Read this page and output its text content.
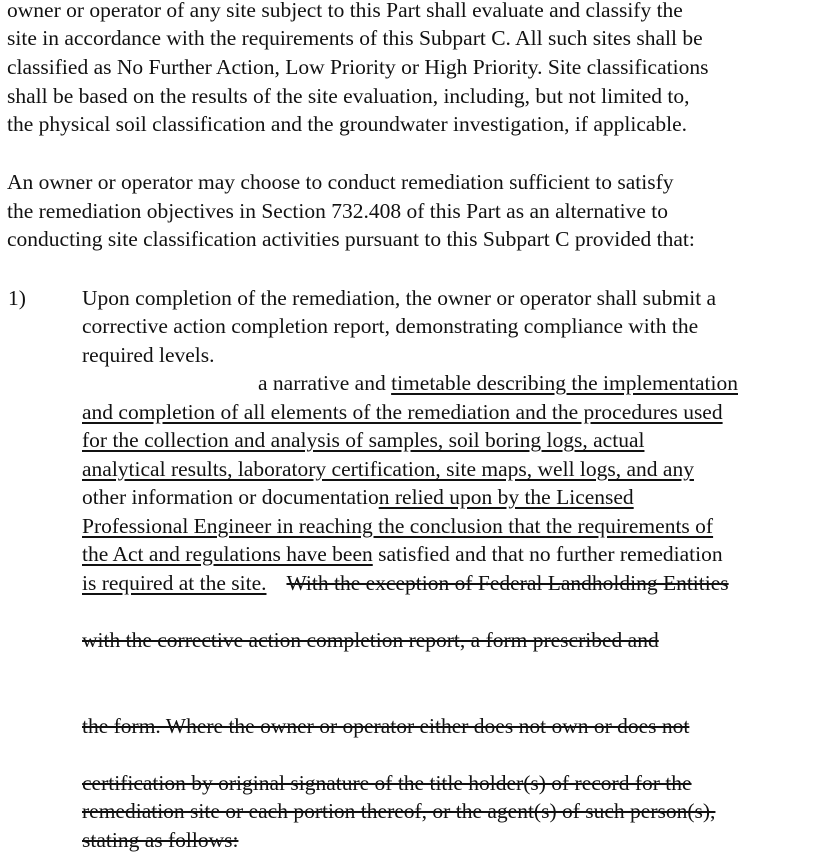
owner or operator of any site subject to this Part shall evaluate and classify the
site in accordance with the requirements of this Subpart C. All such sites shall be
classified as No Further Action, Low Priority or High Priority. Site classifications
shall be based on the results of the site evaluation, including, but not limited to,
the physical soil classification and the groundwater investigation, if applicable.
An owner or operator may choose to conduct remediation sufficient to satisfy
the remediation objectives in Section 732.408 of this Part as an alternative to
conducting site classification activities pursuant to this Subpart C provided that:
1)	Upon completion of the remediation, the owner or operator shall submit a
corrective action completion report, demonstrating compliance with the
required levels.
a narrative and timetable describing the implementation
and completion of all elements of the remediation and the procedures used
for the collection and analysis of samples, soil boring logs, actual
analytical results, laboratory certification, site maps, well logs, and any
other information or documentation relied upon by the Licensed
Professional Engineer in reaching the conclusion that the requirements of
the Act and regulations have been satisfied and that no further remediation
is required at the site. With the exception of Federal Landholding Entities
with the corrective action completion report, a form prescribed and
the form. Where the owner or operator either does not own or does not
certification by original signature of the title holder(s) of record for the
remediation site or each portion thereof, or the agent(s) of such person(s),
stating as follows:
